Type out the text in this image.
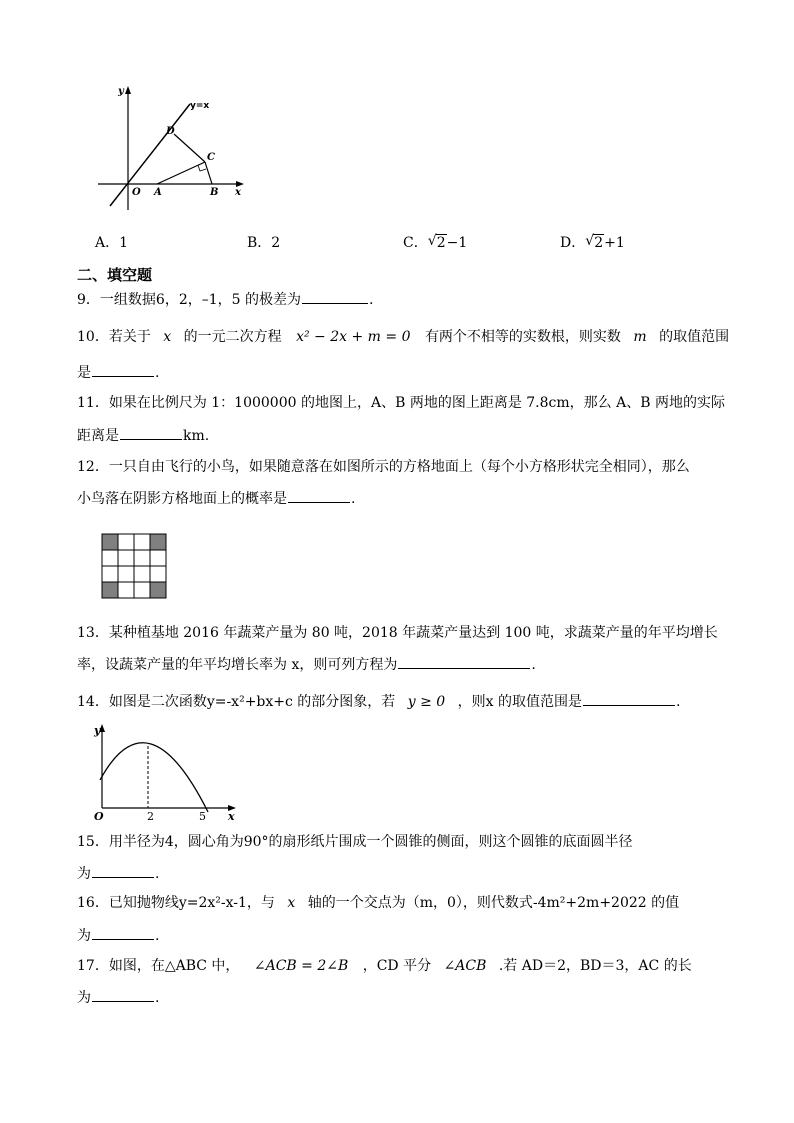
y
y=x
D
C
O A	B x
A．1	B．2	C． √ 2−1	D． √ 2+1
二、填空题
9．一组数据6，2，–1，5 的极差为	.
10．若关于 x 的一元二次方程 x² − 2x + m = 0 有两个不相等的实数根，则实数 m 的取值范围
是	.
11．如果在比例尺为 1：1000000 的地图上，A、B 两地的图上距离是 7.8cm，那么 A、B 两地的实际
距离是	km.
12．一只自由飞行的小鸟，如果随意落在如图所示的方格地面上（每个小方格形状完全相同），那么
小鸟落在阴影方格地面上的概率是	.
13．某种植基地 2016 年蔬菜产量为 80 吨，2018 年蔬菜产量达到 100 吨，求蔬菜产量的年平均增长
率，设蔬菜产量的年平均增长率为 x，则可列方程为	.
14．如图是二次函数y=-x²+bx+c 的部分图象，若 y ≥ 0 ，则x 的取值范围是	.
y
O	2	5 x
15．用半径为4，圆心角为90°的扇形纸片围成一个圆锥的侧面，则这个圆锥的底面圆半径
为	.
16．已知抛物线y=2x²-x-1，与 x 轴的一个交点为（m，0），则代数式-4m²+2m+2022 的值
为	.
17．如图，在△ABC 中， ∠ACB = 2∠B ，CD 平分 ∠ACB .若 AD＝2，BD＝3，AC 的长
为	.
